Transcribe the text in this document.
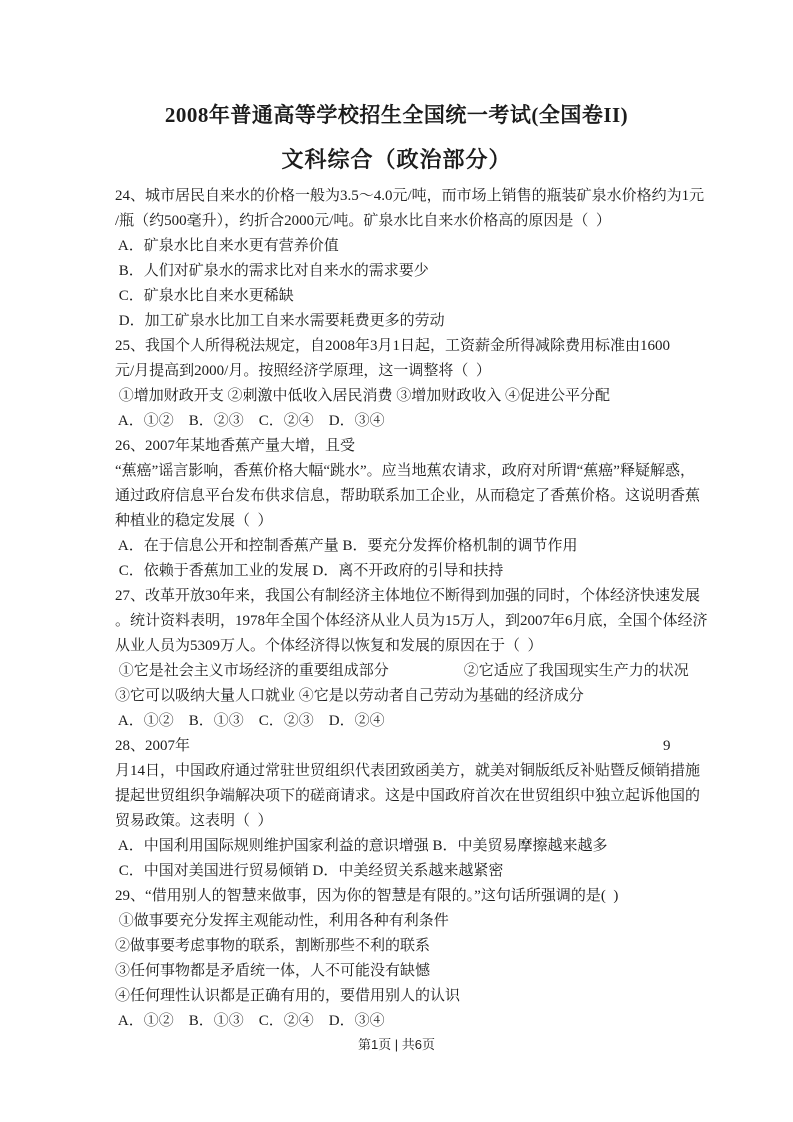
2008年普通高等学校招生全国统一考试(全国卷II)
文科综合（政治部分）
24、城市居民自来水的价格一般为3.5～4.0元/吨，而市场上销售的瓶装矿泉水价格约为1元
/瓶（约500毫升），约折合2000元/吨。矿泉水比自来水价格高的原因是（  ）
A．矿泉水比自来水更有营养价值
B．人们对矿泉水的需求比对自来水的需求要少
C．矿泉水比自来水更稀缺
D．加工矿泉水比加工自来水需要耗费更多的劳动
25、我国个人所得税法规定，自2008年3月1日起，工资薪金所得减除费用标准由1600
元/月提高到2000/月。按照经济学原理，这一调整将（  ）
①增加财政开支 ②刺激中低收入居民消费 ③增加财政收入 ④促进公平分配
A．①②　B．②③　C．②④　D．③④
26、2007年某地香蕉产量大增，且受
“蕉癌”谣言影响，香蕉价格大幅“跳水”。应当地蕉农请求，政府对所谓“蕉癌”释疑解惑，
通过政府信息平台发布供求信息，帮助联系加工企业，从而稳定了香蕉价格。这说明香蕉
种植业的稳定发展（  ）
A．在于信息公开和控制香蕉产量 B．要充分发挥价格机制的调节作用
C．依赖于香蕉加工业的发展 D．离不开政府的引导和扶持
27、改革开放30年来，我国公有制经济主体地位不断得到加强的同时，个体经济快速发展
。统计资料表明，1978年全国个体经济从业人员为15万人，到2007年6月底，全国个体经济
从业人员为5309万人。个体经济得以恢复和发展的原因在于（  ）
①它是社会主义市场经济的重要组成部分　　　　　②它适应了我国现实生产力的状况
③它可以吸纳大量人口就业 ④它是以劳动者自己劳动为基础的经济成分
A．①②　B．①③　C．②③　D．②④
28、2007年	9
月14日，中国政府通过常驻世贸组织代表团致函美方，就美对铜版纸反补贴暨反倾销措施
提起世贸组织争端解决项下的磋商请求。这是中国政府首次在世贸组织中独立起诉他国的
贸易政策。这表明（  ）
A．中国利用国际规则维护国家利益的意识增强 B．中美贸易摩擦越来越多
C．中国对美国进行贸易倾销 D．中美经贸关系越来越紧密
29、“借用别人的智慧来做事，因为你的智慧是有限的。”这句话所强调的是(  )
①做事要充分发挥主观能动性，利用各种有利条件
②做事要考虑事物的联系，割断那些不利的联系
③任何事物都是矛盾统一体，人不可能没有缺憾
④任何理性认识都是正确有用的，要借用别人的认识
A．①②　B．①③　C．②④　D．③④
第1页 | 共6页
